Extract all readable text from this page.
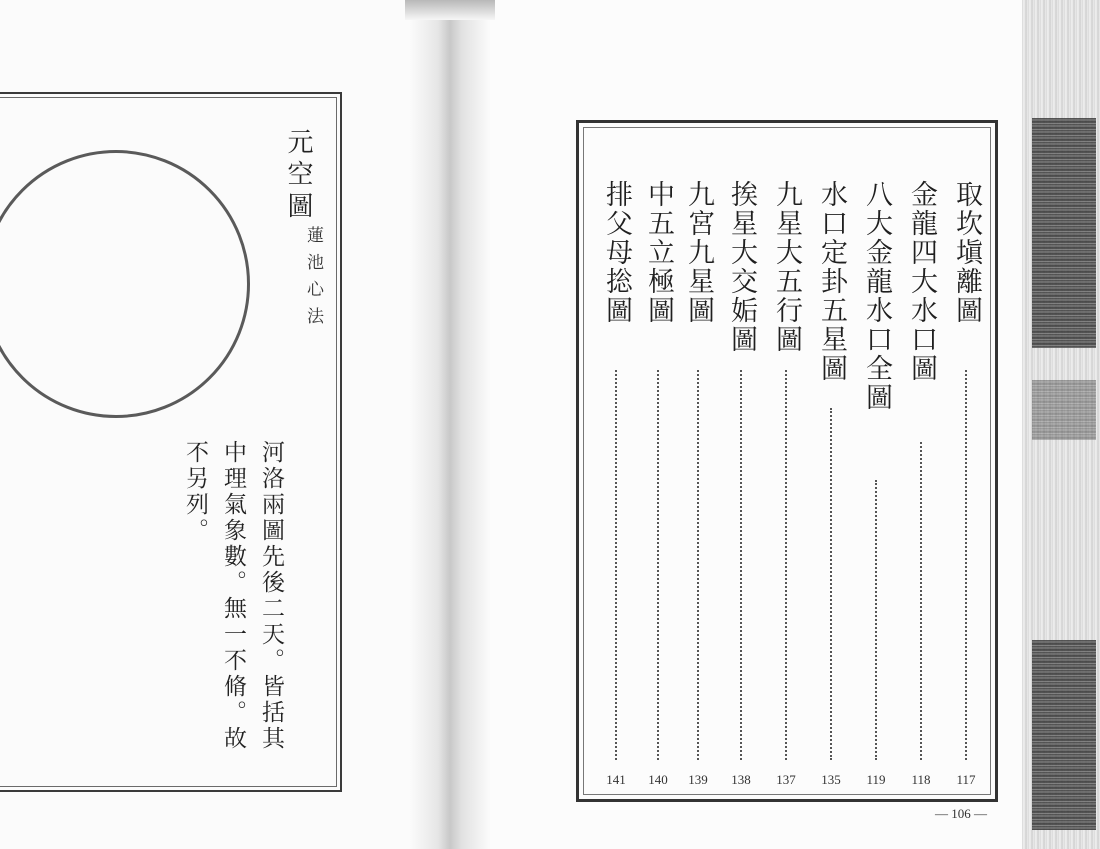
元空圖
蓮池心法
河洛兩圖先後二天。皆括其中理氣象數。無一不脩。故不另列。
取坎塡離圖
117
金龍四大水口圖
118
八大金龍水口全圖
119
水口定卦五星圖
135
九星大五行圖
137
挨星大交姤圖
138
九宮九星圖
139
中五立極圖
140
排父母捴圖
141
— 106 —
